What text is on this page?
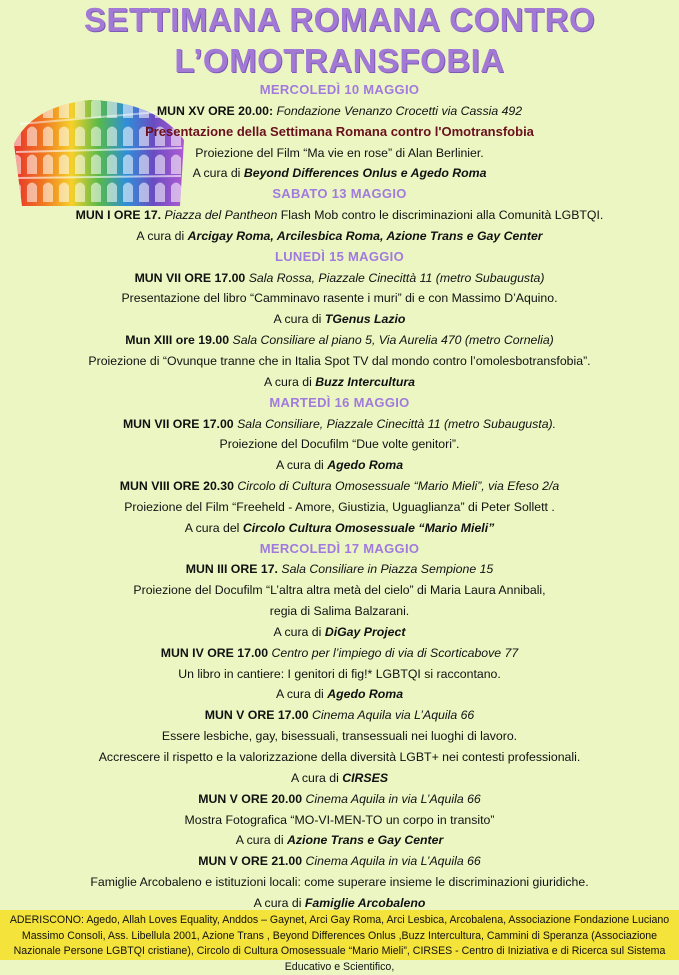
SETTIMANA ROMANA CONTRO
L’OMOTRANSFOBIA
MERCOLEDÌ 10 MAGGIO
MUN XV ORE 20.00: Fondazione Venanzo Crocetti via Cassia 492
Presentazione della Settimana Romana contro l'Omotransfobia
Proiezione del Film “Ma vie en rose” di Alan Berlinier.
A cura di Beyond Differences Onlus e Agedo Roma
SABATO 13 MAGGIO
MUN I ORE 17. Piazza del Pantheon Flash Mob contro le discriminazioni alla Comunità LGBTQI.
A cura di Arcigay Roma, Arcilesbica Roma, Azione Trans e Gay Center
LUNEDÌ 15 MAGGIO
MUN VII ORE 17.00 Sala Rossa, Piazzale Cinecittà 11 (metro Subaugusta)
Presentazione del libro “Camminavo rasente i muri” di e con Massimo D’Aquino.
A cura di TGenus Lazio
Mun XIII ore 19.00 Sala Consiliare al piano 5, Via Aurelia 470 (metro Cornelia)
Proiezione di “Ovunque tranne che in Italia Spot TV dal mondo contro l’omolesbotransfobia”.
A cura di Buzz Intercultura
MARTEDÌ 16 MAGGIO
MUN VII ORE 17.00 Sala Consiliare, Piazzale Cinecittà 11 (metro Subaugusta).
Proiezione del Docufilm “Due volte genitori”.
A cura di Agedo Roma
MUN VIII ORE 20.30 Circolo di Cultura Omosessuale “Mario Mieli”, via Efeso 2/a
Proiezione del Film “Freeheld - Amore, Giustizia, Uguaglianza” di Peter Sollett .
A cura del Circolo Cultura Omosessuale “Mario Mieli”
MERCOLEDÌ 17 MAGGIO
MUN III ORE 17. Sala Consiliare in Piazza Sempione 15
Proiezione del Docufilm “L’altra altra metà del cielo” di Maria Laura Annibali,
regia di Salima Balzarani.
A cura di DiGay Project
MUN IV ORE 17.00 Centro per l’impiego di via di Scorticabove 77
Un libro in cantiere: I genitori di fig!* LGBTQI si raccontano.
A cura di Agedo Roma
MUN V ORE 17.00 Cinema Aquila via L’Aquila 66
Essere lesbiche, gay, bisessuali, transessuali nei luoghi di lavoro.
Accrescere il rispetto e la valorizzazione della diversità LGBT+ nei contesti professionali.
A cura di CIRSES
MUN V ORE 20.00 Cinema Aquila in via L’Aquila 66
Mostra Fotografica “MO-VI-MEN-TO un corpo in transito”
A cura di Azione Trans e Gay Center
MUN V ORE 21.00 Cinema Aquila in via L’Aquila 66
Famiglie Arcobaleno e istituzioni locali: come superare insieme le discriminazioni giuridiche.
A cura di Famiglie Arcobaleno

ADERISCONO: Agedo, Allah Loves Equality, Anddos – Gaynet, Arci Gay Roma, Arci Lesbica, Arcobalena, Associazione Fondazione Luciano Massimo Consoli, Ass. Libellula 2001, Azione Trans , Beyond Differences Onlus ,Buzz Intercultura, Cammini di Speranza (Associazione Nazionale Persone LGBTQI cristiane), Circolo di Cultura Omosessuale “Mario Mieli”, CIRSES - Centro di Iniziativa e di Ricerca sul Sistema Educativo e Scientifico,
